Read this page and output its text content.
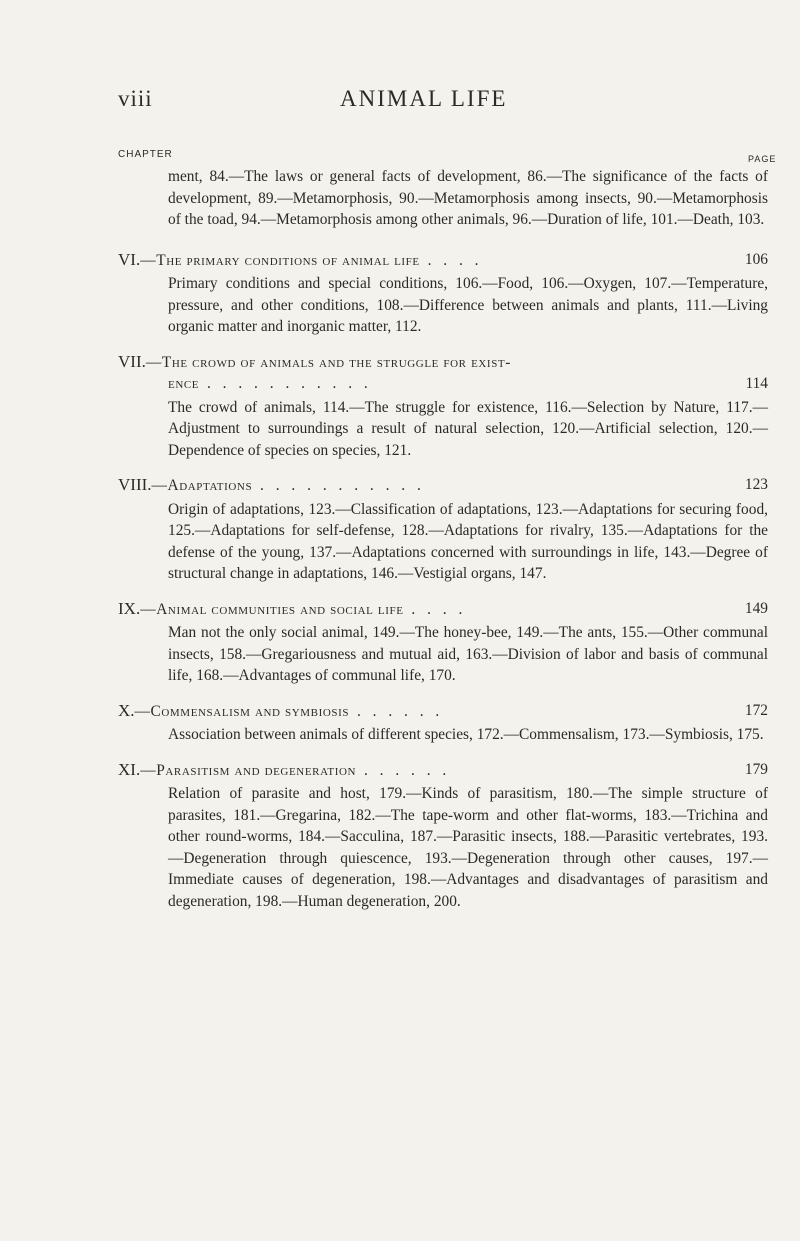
viii	ANIMAL LIFE
CHAPTER	PAGE

ment, 84.—The laws or general facts of development, 86.—The significance of the facts of development, 89.—Metamorphosis, 90.—Metamorphosis among insects, 90.—Metamorphosis of the toad, 94.—Metamorphosis among other animals, 96.—Duration of life, 101.—Death, 103.

VI.—The primary conditions of animal life . . . .	106

Primary conditions and special conditions, 106.—Food, 106.—Oxygen, 107.—Temperature, pressure, and other conditions, 108.—Difference between animals and plants, 111.—Living organic matter and inorganic matter, 112.

VII.—The crowd of animals and the struggle for exist-
ence . . . . . . . . . . .	114

The crowd of animals, 114.—The struggle for existence, 116.—Selection by Nature, 117.—Adjustment to surroundings a result of natural selection, 120.—Artificial selection, 120.—Dependence of species on species, 121.

VIII.—Adaptations . . . . . . . . . . .	123

Origin of adaptations, 123.—Classification of adaptations, 123.—Adaptations for securing food, 125.—Adaptations for self-defense, 128.—Adaptations for rivalry, 135.—Adaptations for the defense of the young, 137.—Adaptations concerned with surroundings in life, 143.—Degree of structural change in adaptations, 146.—Vestigial organs, 147.

IX.—Animal communities and social life . . . .	149

Man not the only social animal, 149.—The honey-bee, 149.—The ants, 155.—Other communal insects, 158.—Gregariousness and mutual aid, 163.—Division of labor and basis of communal life, 168.—Advantages of communal life, 170.

X.—Commensalism and symbiosis . . . . . .	172

Association between animals of different species, 172.—Commensalism, 173.—Symbiosis, 175.

XI.—Parasitism and degeneration . . . . . .	179

Relation of parasite and host, 179.—Kinds of parasitism, 180.—The simple structure of parasites, 181.—Gregarina, 182.—The tape-worm and other flat-worms, 183.—Trichina and other round-worms, 184.—Sacculina, 187.—Parasitic insects, 188.—Parasitic vertebrates, 193.—Degeneration through quiescence, 193.—Degeneration through other causes, 197.—Immediate causes of degeneration, 198.—Advantages and disadvantages of parasitism and degeneration, 198.—Human degeneration, 200.
